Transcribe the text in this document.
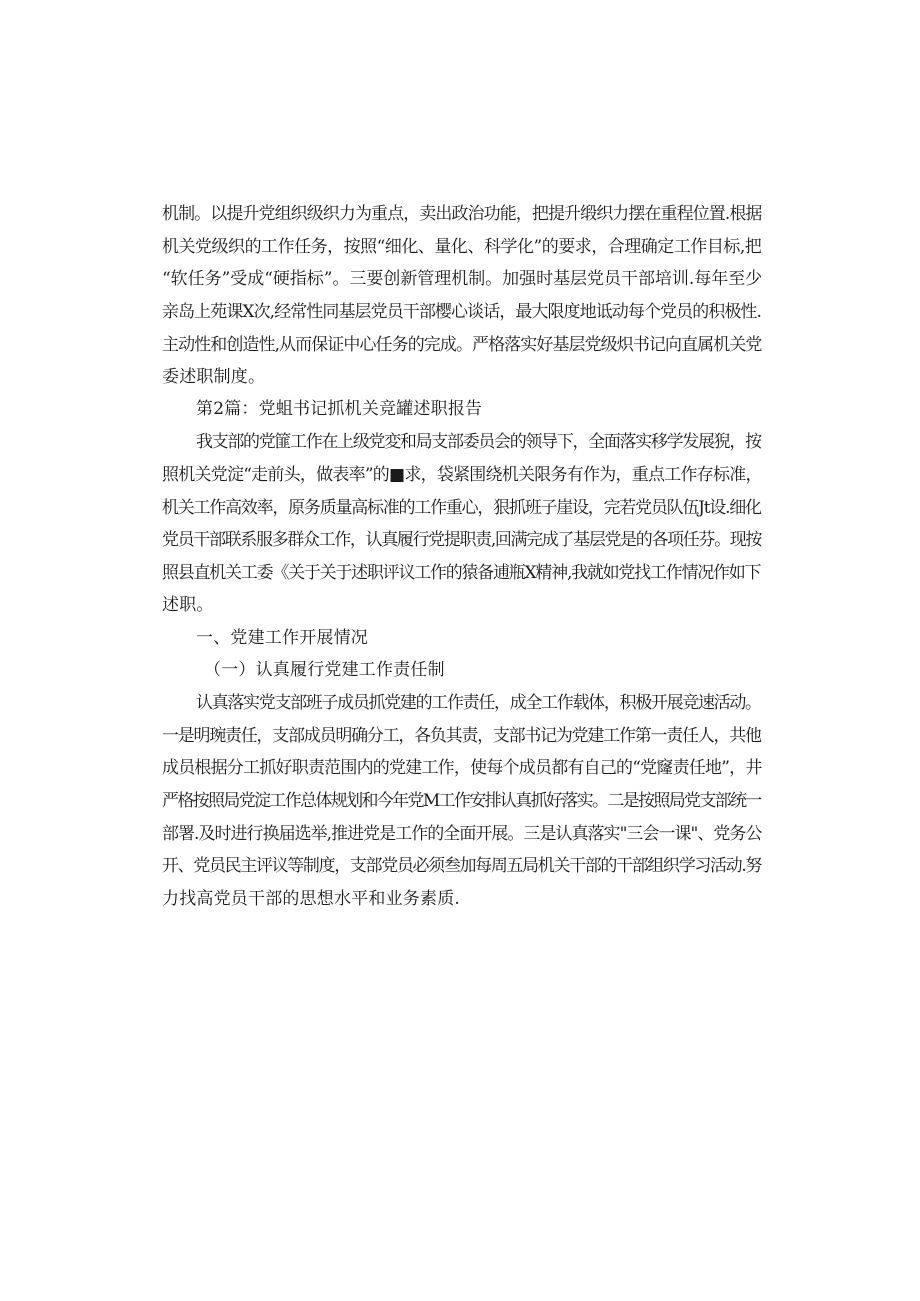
机制。以提升党组织级织力为重点，卖出政治功能，把提升缎织力摆在重程位置.根据
机关党级织的工作任务，按照“细化、量化、科学化”的要求，合理确定工作目标,把
“软任务”受成“硬指标”。三要创新管理机制。加强时基层党员干部培训.每年至少
亲岛上苑课X次,经常性同基层党员干部樱心谈话，最大限度地诋动每个党员的积极性.
主动性和创造性,从而保证中心任务的完成。严格落实好基层党级炽书记向直属机关党
委述职制度。
第2篇：党蛆书记抓机关竞罐述职报告
我支部的党篚工作在上级党変和局支部委员会的领导下，全面落实移学发展猊，按
照机关党淀“走前头，做表率”的■求，袋紧围绕机关限务有作为，重点工作存标准，
机关工作高效率，原务质量高标准的工作重心，狠抓班子崖设，完若党员队伍Jt设.细化
党员干部联系服多群众工作，认真履行党提职责,回满完成了基层党是的各项任芬。现按
照县直机关工委《关于关于述职评议工作的猿备逋瓶X精神,我就如党找工作情况作如下
述职。
一、党建工作开展情况
（一）认真履行党建工作责任制
认真落实党支部班子成员抓党建的工作责任，成全工作载体，积极开展竞速活动。
一是明琬责任，支部成员明确分工，各负其责，支部书记为党建工作第一责任人，共他
成员根据分工抓好职责范围内的党建工作，使每个成员都有自己的“党窿责任地”，井
严格按照局党淀工作总体规划和今年党M工作安排认真抓好落实。二是按照局党支部统一
部署.及时进行换届选举,推进党是工作的全面开展。三是认真落实"三会一课"、党务公
开、党员民主评议等制度，支部党员必须叁加每周五局机关干部的干部组织学习活动.努
力找高党员干部的思想水平和业务素质.
